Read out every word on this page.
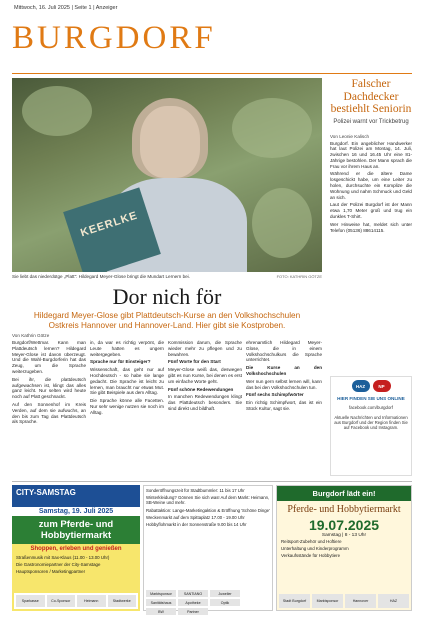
Mittwoch, 16. Juli 2025 | Seite 1 | Anzeiger
BURGDORF
KEERLKE
Sie liebt das niederdütge „Platt“: Hildegard Meyer-Glose bringt die Mundart Lernern bei.	FOTO: KATHRIN GÖTZE
Dor nich för
Hildegard Meyer-Glose gibt Plattdeutsch-Kurse an den Volkshochschulen Ostkreis Hannover und Hannover-Land. Hier gibt sie Kostproben.
Von Kathrin Götze

Burgdorf/Wettmar. Kann man Plattdeutsch lernen? Hildegard Meyer-Glose ist davon überzeugt. Und die Wahl-Burgdorferin hat das Zeug, um die Sprache weiterzugeben.

Bei ihr, die plattdeutsch aufgewachsen ist, klingt das alles ganz leicht. Nur selten wird heute noch auf Platt geschnackt.

Auf den Sonnenhof im Kreis Verden, auf dem sie aufwuchs, an den bis zum Tag das Plattdeutsch als Sprache.

in, da war es richtig verpönt, die Leute hatten es ungern weitergegeben.

Sprache nur für Einsteiger?

Wissenschaft, das geht nur auf Hochdeutsch - so habe sie lange gedacht. Die Sprache ist leicht zu lernen, man braucht nur etwas Mut. Sie gibt Beispiele aus dem Alltag.

Die Sprache könne alle Facetten. Nur sehr wenige nutzen sie noch im Alltag.

Kommission darum, die Sprache wieder mehr zu pflegen und zu bewahren.

Fünf Worte für den Start

Meyer-Glose weiß das, deswegen gibt es nun Kurse, bei denen es erst um einfache Worte geht.

Fünf schöne Redewendungen

In manchen Redewendungen klingt das Plattdeutsch besonders. Sie sind direkt und bildhaft.

ehrenamtlich Hildegard Meyer-Glose, die in einem Volkshochschulkurs die Sprache unterrichtet.

Die Kurse an den Volkshochschulen

Wer nun gern selbst lernen will, kann das bei den Volkshochschulen tun.

Fünf sechs Schimpfwörter

Ein richtig Schimpfwort, das ist ein Stück Kultur, sagt sie.

Falscher Dachdecker bestiehlt Seniorin
Polizei warnt vor Trickbetrug
Von Leonie Kalisch

Burgdorf. Ein angeblicher Handwerker hat laut Polizei am Montag, 14. Juli, zwischen 16 und 16.45 Uhr eine 81-Jährige bestohlen. Der Mann sprach die Frau vor ihrem Haus an.

Während er die ältere Dame losgeschickt habe, um eine Leiter zu holen, durchsuchte ein Komplize die Wohnung und nahm Schmuck und Geld an sich.

Laut der Polizei Burgdorf ist der Mann etwa 1,70 Meter groß und trug ein dunkles T-Shirt.

Wer Hinweise hat, meldet sich unter Telefon (05136) 88614115.

HAZ	NP
HIER FINDEN SIE UNS ONLINE
facebook.com/burgdorf
Aktuelle Nachrichten und Informationen aus Burgdorf und der Region finden Sie auf Facebook und Instagram.
CITY-SAMSTAG
Samstag, 19. Juli 2025
zum Pferde- und Hobbytiermarkt
Shoppen, erleben und genießen
Straßenmusik mit Sax-Klaus (11.00 - 13.00 Uhr)
Die Gastronomiepartner der City-Samstage
Hauptsponsoren / Marketingpartner
Sparkasse	Co-Sponsor	Heimann	Stadtwerke
Sonderöffnungszeit für Stadtbummler: 11 bis 17 Uhr
Winterkleidung? Gönnen Sie sich was! Auf dem Markt: Heimann, SB-Weine und mehr.
Rabattaktion: Lange-Marketingaktion & Eröffnung 'Schöne Dinge'
Weckenmarkt auf dem Spittaplatz 17.00 - 19.00 Uhr
Hobbyflohmarkt in der Sonnenstraße 9.00 bis 14 Uhr
Marktsponsor	SANTIANO	Juwelier
Sanitätshaus	Apotheke	Optik
BW	Partner
Burgdorf lädt ein!
Pferde- und Hobbytiermarkt
19.07.2025
Samstag | 8 - 13 Uhr
Reitsport-Zubehör und Hoftiere
Unterhaltung und Kinderprogramm
Verkaufsstände für Hobbytiere
Stadt Burgdorf	Marktsponsor	Hannover	HAZ
